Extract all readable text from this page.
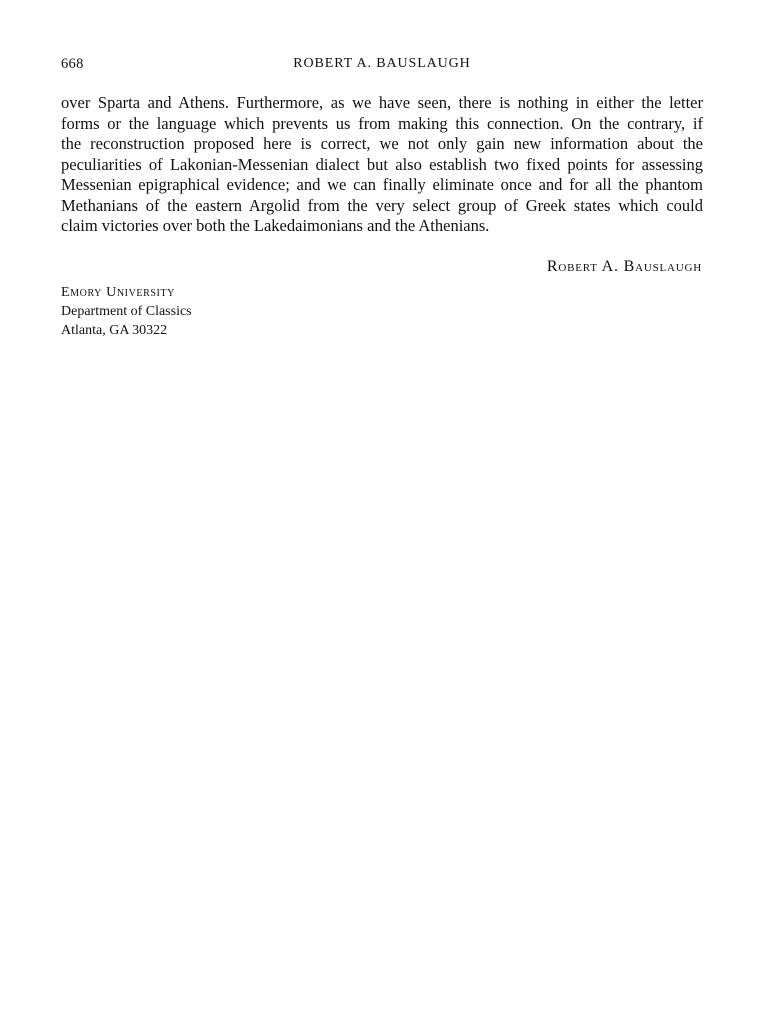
668	ROBERT A. BAUSLAUGH

over Sparta and Athens. Furthermore, as we have seen, there is nothing in either the letter
forms or the language which prevents us from making this connection. On the contrary, if
the reconstruction proposed here is correct, we not only gain new information about the
peculiarities of Lakonian-Messenian dialect but also establish two fixed points for assessing
Messenian epigraphical evidence; and we can finally eliminate once and for all the phantom
Methanians of the eastern Argolid from the very select group of Greek states which could
claim victories over both the Lakedaimonians and the Athenians.

Robert A. Bauslaugh
Emory University
Department of Classics
Atlanta, GA 30322
